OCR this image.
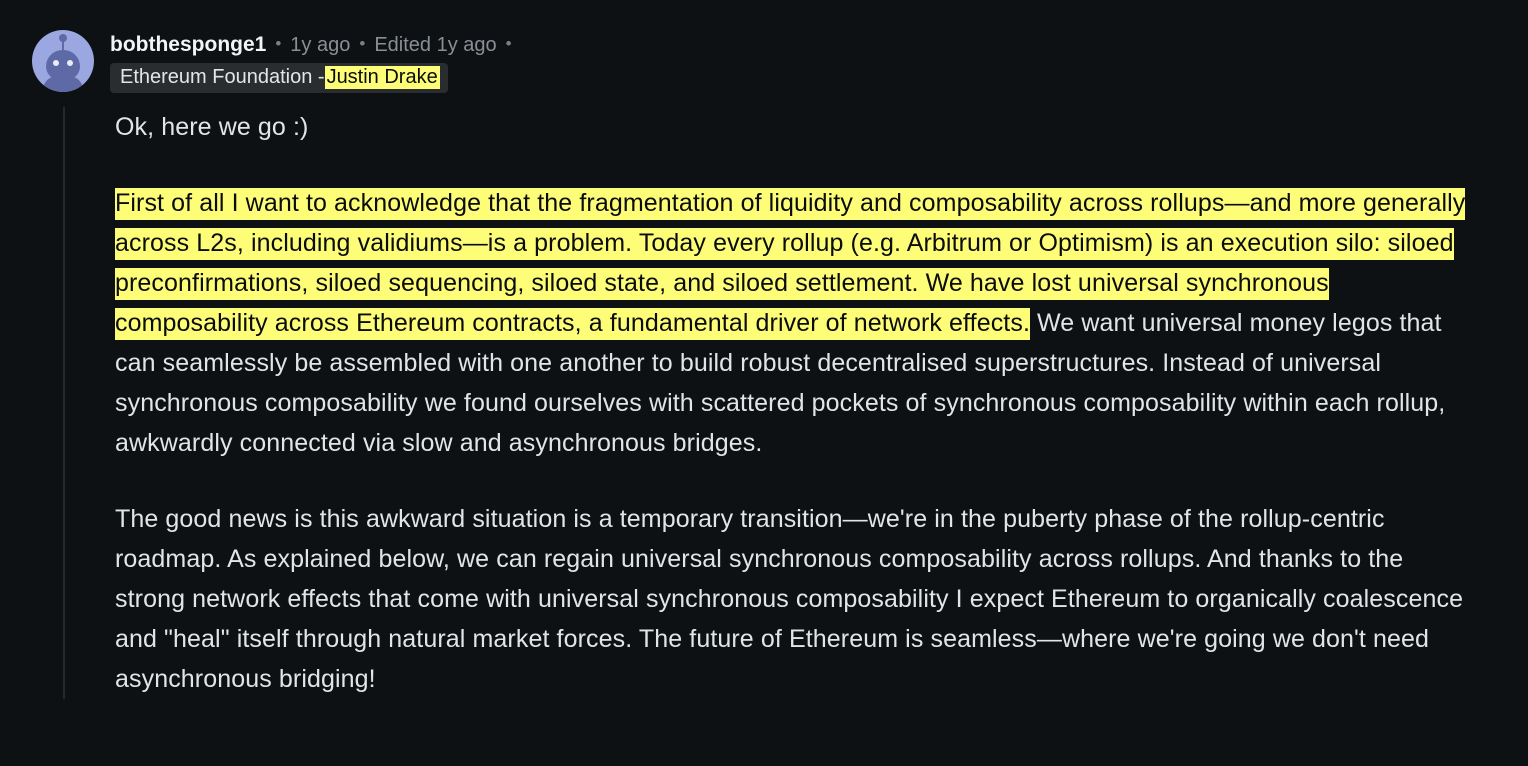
bobthesponge1 • 1y ago • Edited 1y ago •
Ethereum Foundation - Justin Drake

Ok, here we go :)

First of all I want to acknowledge that the fragmentation of liquidity and composability across rollups—and more generally across L2s, including validiums—is a problem. Today every rollup (e.g. Arbitrum or Optimism) is an execution silo: siloed preconfirmations, siloed sequencing, siloed state, and siloed settlement. We have lost universal synchronous composability across Ethereum contracts, a fundamental driver of network effects. We want universal money legos that can seamlessly be assembled with one another to build robust decentralised superstructures. Instead of universal synchronous composability we found ourselves with scattered pockets of synchronous composability within each rollup, awkwardly connected via slow and asynchronous bridges.

The good news is this awkward situation is a temporary transition—we're in the puberty phase of the rollup-centric roadmap. As explained below, we can regain universal synchronous composability across rollups. And thanks to the strong network effects that come with universal synchronous composability I expect Ethereum to organically coalescence and "heal" itself through natural market forces. The future of Ethereum is seamless—where we're going we don't need asynchronous bridging!
